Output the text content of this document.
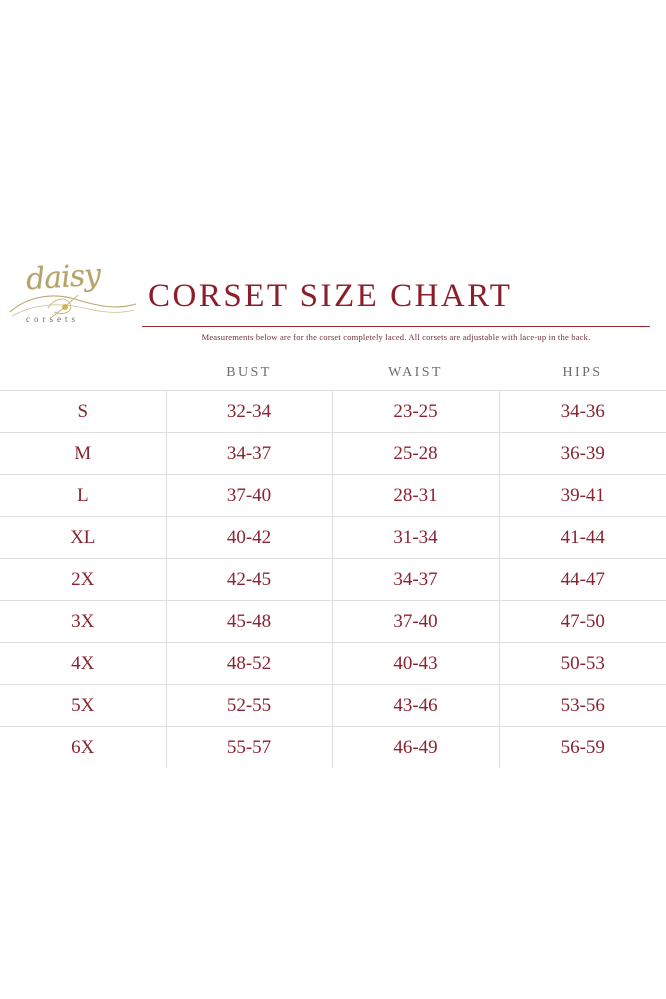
daisy
corsets
CORSET SIZE CHART
Measurements below are for the corset completely laced. All corsets are adjustable with lace-up in the back.
	BUST	WAIST	HIPS
S	32-34	23-25	34-36
M	34-37	25-28	36-39
L	37-40	28-31	39-41
XL	40-42	31-34	41-44
2X	42-45	34-37	44-47
3X	45-48	37-40	47-50
4X	48-52	40-43	50-53
5X	52-55	43-46	53-56
6X	55-57	46-49	56-59
